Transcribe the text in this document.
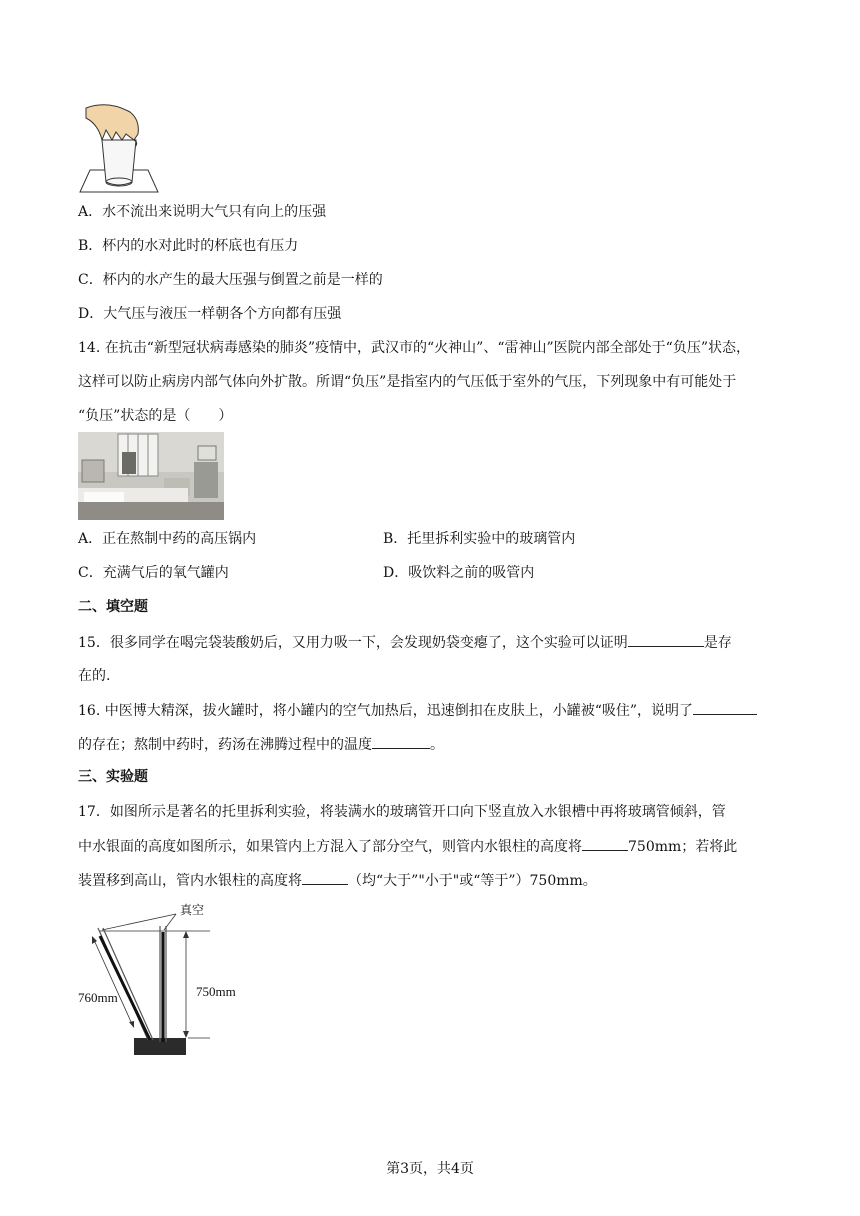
A．水不流出来说明大气只有向上的压强
B．杯内的水对此时的杯底也有压力
C．杯内的水产生的最大压强与倒置之前是一样的
D．大气压与液压一样朝各个方向都有压强
14. 在抗击“新型冠状病毒感染的肺炎”疫情中，武汉市的“火神山”、“雷神山”医院内部全部处于“负压”状态，
这样可以防止病房内部气体向外扩散。所谓“负压”是指室内的气压低于室外的气压，下列现象中有可能处于
“负压”状态的是（　　）
A．正在熬制中药的高压锅内	B．托里拆利实验中的玻璃管内
C．充满气后的氧气罐内	D．吸饮料之前的吸管内
二、填空题
15．很多同学在喝完袋装酸奶后，又用力吸一下，会发现奶袋变瘪了，这个实验可以证明	是存
在的.
16. 中医博大精深，拔火罐时，将小罐内的空气加热后，迅速倒扣在皮肤上，小罐被“吸住”，说明了
的存在；熬制中药时，药汤在沸腾过程中的温度	。
三、实验题
17．如图所示是著名的托里拆利实验，将装满水的玻璃管开口向下竖直放入水银槽中再将玻璃管倾斜，管
中水银面的高度如图所示，如果管内上方混入了部分空气，则管内水银柱的高度将	750mm；若将此
装置移到高山，管内水银柱的高度将	（均“大于”"小于"或“等于”）750mm。
真空
750mm
760mm
第3页，共4页
